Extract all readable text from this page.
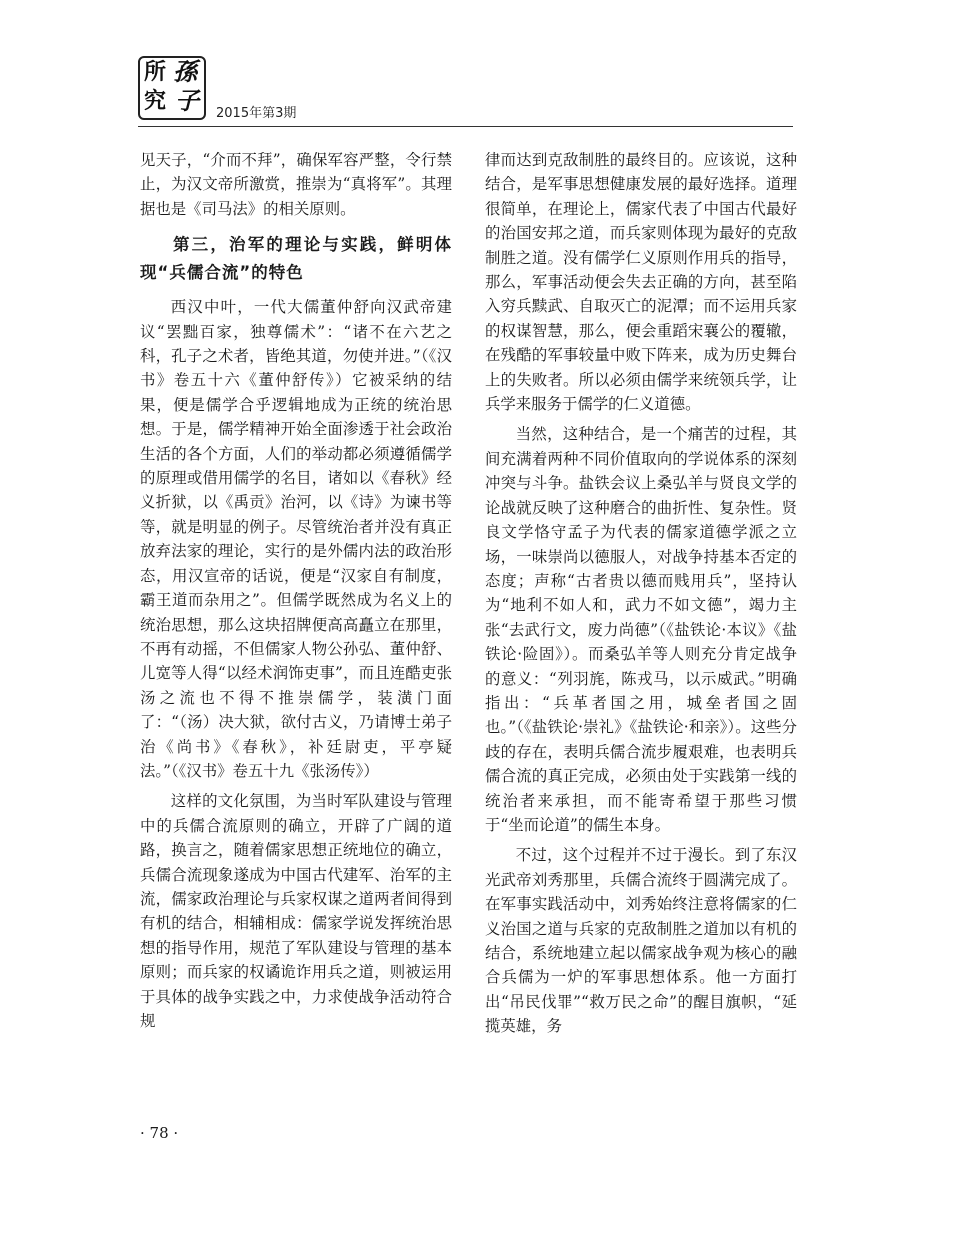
所 孫
究 子 2015年第3期

见天子，“介而不拜”，确保军容严整，令行禁止，为汉文帝所激赏，推崇为“真将军”。其理据也是《司马法》的相关原则。

第三，治军的理论与实践，鲜明体现“兵儒合流”的特色

西汉中叶，一代大儒董仲舒向汉武帝建议“罢黜百家，独尊儒术”：“诸不在六艺之科，孔子之术者，皆绝其道，勿使并进。”（《汉书》卷五十六《董仲舒传》）它被采纳的结果，便是儒学合乎逻辑地成为正统的统治思想。于是，儒学精神开始全面渗透于社会政治生活的各个方面，人们的举动都必须遵循儒学的原理或借用儒学的名目，诸如以《春秋》经义折狱，以《禹贡》治河，以《诗》为谏书等等，就是明显的例子。尽管统治者并没有真正放弃法家的理论，实行的是外儒内法的政治形态，用汉宣帝的话说，便是“汉家自有制度，霸王道而杂用之”。但儒学既然成为名义上的统治思想，那么这块招牌便高高矗立在那里，不再有动摇，不但儒家人物公孙弘、董仲舒、儿宽等人得“以经术润饰吏事”，而且连酷吏张汤之流也不得不推崇儒学，装潢门面了：“（汤）决大狱，欲付古义，乃请博士弟子治《尚书》《春秋》，补廷尉吏，平亭疑法。”（《汉书》卷五十九《张汤传》）

这样的文化氛围，为当时军队建设与管理中的兵儒合流原则的确立，开辟了广阔的道路，换言之，随着儒家思想正统地位的确立，兵儒合流现象遂成为中国古代建军、治军的主流，儒家政治理论与兵家权谋之道两者间得到有机的结合，相辅相成：儒家学说发挥统治思想的指导作用，规范了军队建设与管理的基本原则；而兵家的权谲诡诈用兵之道，则被运用于具体的战争实践之中，力求使战争活动符合规

律而达到克敌制胜的最终目的。应该说，这种结合，是军事思想健康发展的最好选择。道理很简单，在理论上，儒家代表了中国古代最好的治国安邦之道，而兵家则体现为最好的克敌制胜之道。没有儒学仁义原则作用兵的指导，那么，军事活动便会失去正确的方向，甚至陷入穷兵黩武、自取灭亡的泥潭；而不运用兵家的权谋智慧，那么，便会重蹈宋襄公的覆辙，在残酷的军事较量中败下阵来，成为历史舞台上的失败者。所以必须由儒学来统领兵学，让兵学来服务于儒学的仁义道德。

当然，这种结合，是一个痛苦的过程，其间充满着两种不同价值取向的学说体系的深刻冲突与斗争。盐铁会议上桑弘羊与贤良文学的论战就反映了这种磨合的曲折性、复杂性。贤良文学恪守孟子为代表的儒家道德学派之立场，一味崇尚以德服人，对战争持基本否定的态度；声称“古者贵以德而贱用兵”，坚持认为“地利不如人和，武力不如文德”，竭力主张“去武行文，废力尚德”（《盐铁论·本议》《盐铁论·险固》）。而桑弘羊等人则充分肯定战争的意义：“列羽旄，陈戎马，以示威武。”明确指出：“兵革者国之用，城垒者国之固也。”（《盐铁论·崇礼》《盐铁论·和亲》）。这些分歧的存在，表明兵儒合流步履艰难，也表明兵儒合流的真正完成，必须由处于实践第一线的统治者来承担，而不能寄希望于那些习惯于“坐而论道”的儒生本身。

不过，这个过程并不过于漫长。到了东汉光武帝刘秀那里，兵儒合流终于圆满完成了。在军事实践活动中，刘秀始终注意将儒家的仁义治国之道与兵家的克敌制胜之道加以有机的结合，系统地建立起以儒家战争观为核心的融合兵儒为一炉的军事思想体系。他一方面打出“吊民伐罪”“救万民之命”的醒目旗帜，“延揽英雄，务

· 78 ·
